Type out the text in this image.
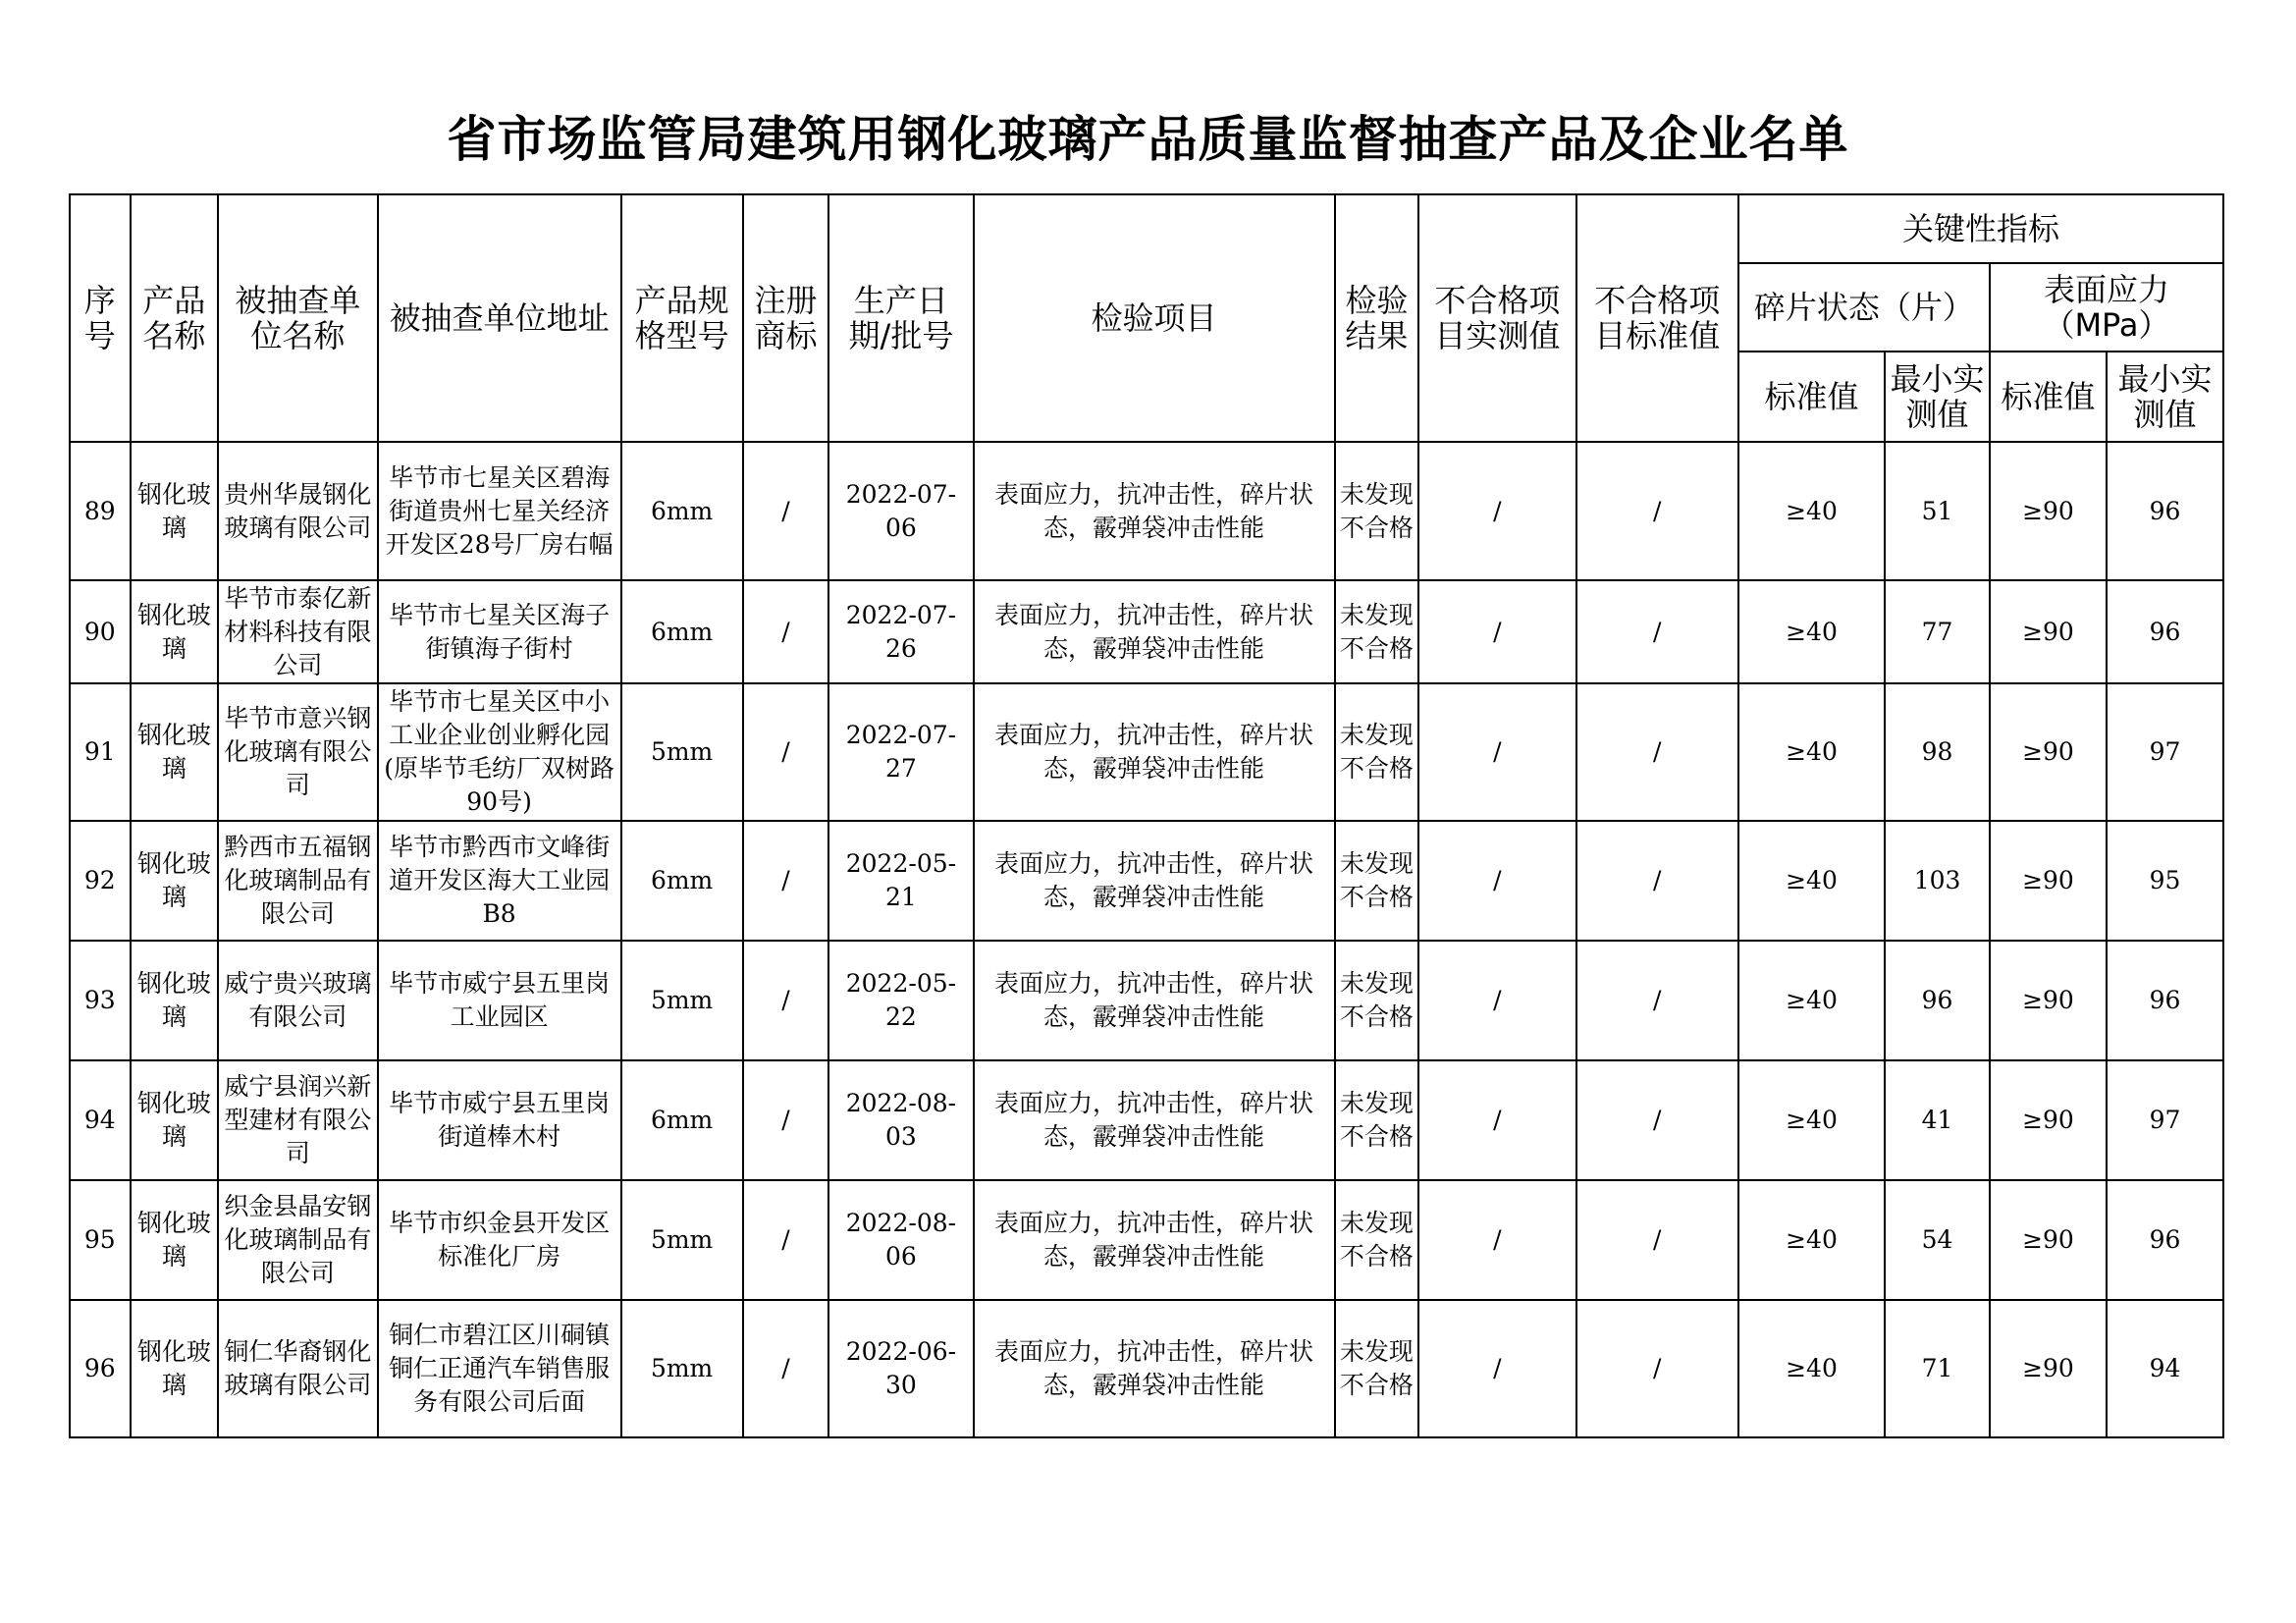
省市场监管局建筑用钢化玻璃产品质量监督抽查产品及企业名单
序号	产品名称	被抽查单位名称	被抽查单位地址	产品规格型号	注册商标	生产日期/批号	检验项目	检验结果	不合格项目实测值	不合格项目标准值	关键性指标			
											碎片状态（片）		表面应力（MPa）	
											标准值	最小实测值	标准值	最小实测值
89	钢化玻璃	贵州华晟钢化玻璃有限公司	毕节市七星关区碧海街道贵州七星关经济开发区28号厂房右幅	6mm	/	2022-07-06	表面应力，抗冲击性，碎片状态，霰弹袋冲击性能	未发现不合格	/	/	≥40	51	≥90	96
90	钢化玻璃	毕节市泰亿新材料科技有限公司	毕节市七星关区海子街镇海子街村	6mm	/	2022-07-26	表面应力，抗冲击性，碎片状态，霰弹袋冲击性能	未发现不合格	/	/	≥40	77	≥90	96
91	钢化玻璃	毕节市意兴钢化玻璃有限公司	毕节市七星关区中小工业企业创业孵化园(原毕节毛纺厂双树路90号)	5mm	/	2022-07-27	表面应力，抗冲击性，碎片状态，霰弹袋冲击性能	未发现不合格	/	/	≥40	98	≥90	97
92	钢化玻璃	黔西市五福钢化玻璃制品有限公司	毕节市黔西市文峰街道开发区海大工业园B8	6mm	/	2022-05-21	表面应力，抗冲击性，碎片状态，霰弹袋冲击性能	未发现不合格	/	/	≥40	103	≥90	95
93	钢化玻璃	威宁贵兴玻璃有限公司	毕节市威宁县五里岗工业园区	5mm	/	2022-05-22	表面应力，抗冲击性，碎片状态，霰弹袋冲击性能	未发现不合格	/	/	≥40	96	≥90	96
94	钢化玻璃	威宁县润兴新型建材有限公司	毕节市威宁县五里岗街道棒木村	6mm	/	2022-08-03	表面应力，抗冲击性，碎片状态，霰弹袋冲击性能	未发现不合格	/	/	≥40	41	≥90	97
95	钢化玻璃	织金县晶安钢化玻璃制品有限公司	毕节市织金县开发区标准化厂房	5mm	/	2022-08-06	表面应力，抗冲击性，碎片状态，霰弹袋冲击性能	未发现不合格	/	/	≥40	54	≥90	96
96	钢化玻璃	铜仁华裔钢化玻璃有限公司	铜仁市碧江区川硐镇铜仁正通汽车销售服务有限公司后面	5mm	/	2022-06-30	表面应力，抗冲击性，碎片状态，霰弹袋冲击性能	未发现不合格	/	/	≥40	71	≥90	94
